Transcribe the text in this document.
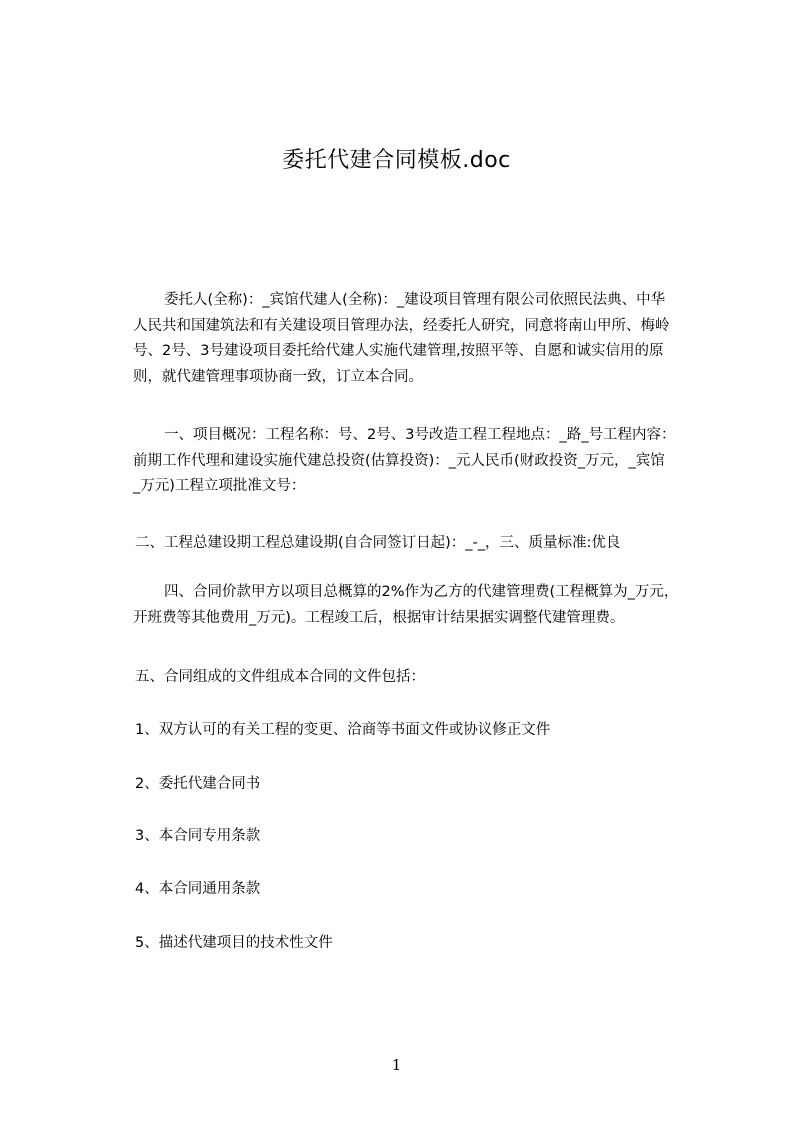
委托代建合同模板.doc
委托人(全称)：_宾馆代建人(全称)：_建设项目管理有限公司依照民法典、中华
人民共和国建筑法和有关建设项目管理办法，经委托人研究，同意将南山甲所、梅岭
号、2号、3号建设项目委托给代建人实施代建管理,按照平等、自愿和诚实信用的原
则，就代建管理事项协商一致，订立本合同。
一、项目概况：工程名称：号、2号、3号改造工程工程地点：_路_号工程内容：
前期工作代理和建设实施代建总投资(估算投资)：_元人民币(财政投资_万元，_宾馆
_万元)工程立项批准文号：
二、工程总建设期工程总建设期(自合同签订日起)：_-_，三、质量标准:优良
四、合同价款甲方以项目总概算的2%作为乙方的代建管理费(工程概算为_万元，
开班费等其他费用_万元)。工程竣工后，根据审计结果据实调整代建管理费。
五、合同组成的文件组成本合同的文件包括：
1、双方认可的有关工程的变更、洽商等书面文件或协议修正文件
2、委托代建合同书
3、本合同专用条款
4、本合同通用条款
5、描述代建项目的技术性文件
1
